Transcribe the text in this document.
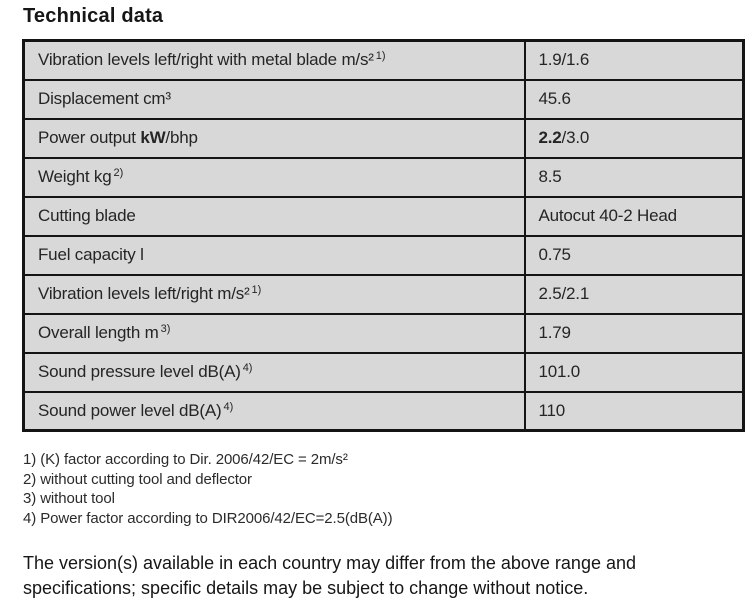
Technical data
Vibration levels left/right with metal blade m/s² $^{1)}$	1.9/1.6
Displacement cm³	45.6
Power output kW/bhp	2.2/3.0
Weight kg $^{2)}$	8.5
Cutting blade	Autocut 40-2 Head
Fuel capacity l	0.75
Vibration levels left/right m/s² $^{1)}$	2.5/2.1
Overall length m $^{3)}$	1.79
Sound pressure level dB(A) $^{4)}$	101.0
Sound power level dB(A) $^{4)}$	110
1) (K) factor according to Dir. 2006/42/EC = 2m/s²
2) without cutting tool and deflector
3) without tool
4) Power factor according to DIR2006/42/EC=2.5(dB(A))
The version(s) available in each country may differ from the above range and specifications; specific details may be subject to change without notice.
